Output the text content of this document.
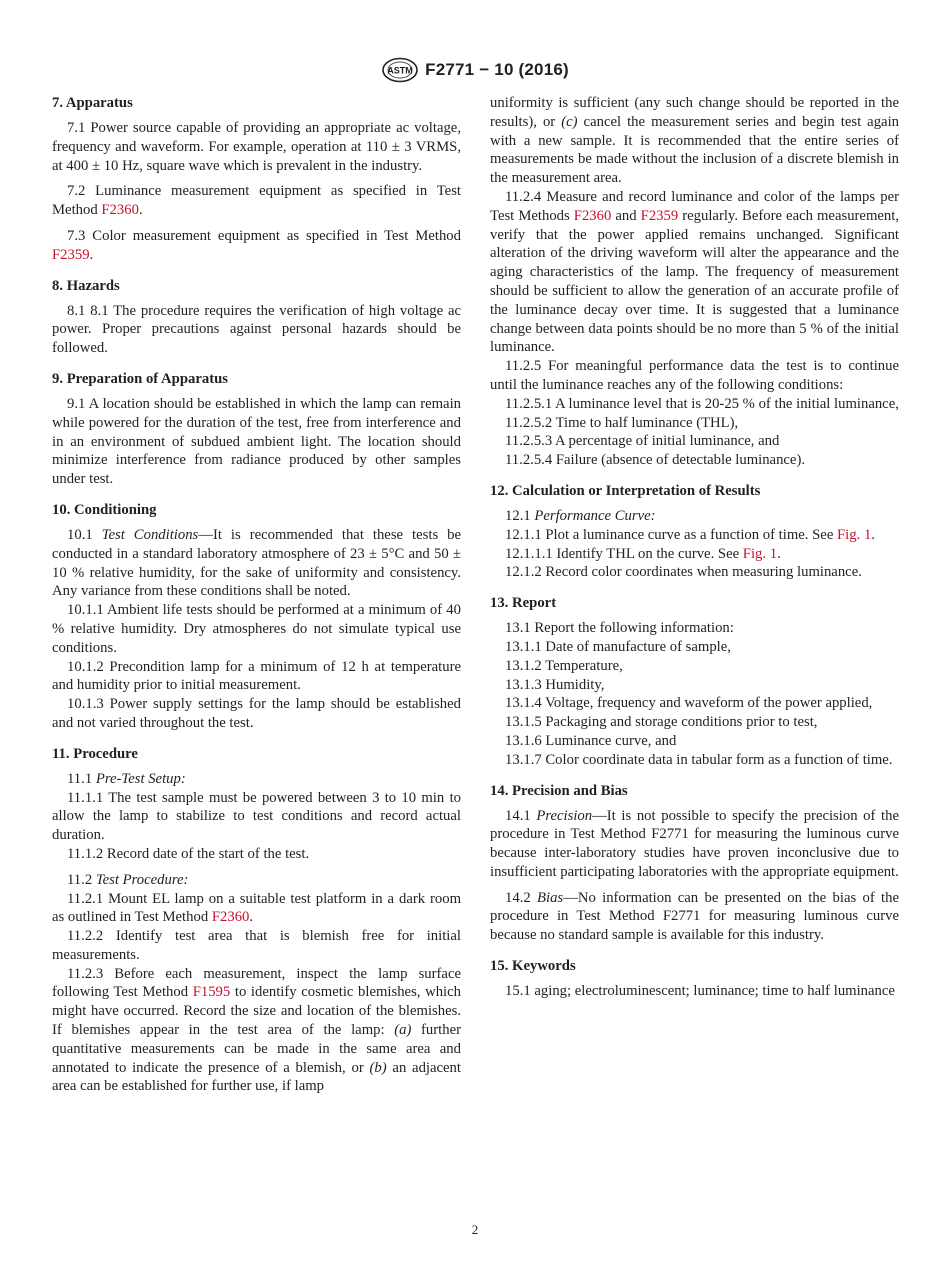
ASTM F2771 − 10 (2016)
7. Apparatus

7.1 Power source capable of providing an appropriate ac voltage, frequency and waveform. For example, operation at 110 ± 3 VRMS, at 400 ± 10 Hz, square wave which is prevalent in the industry.

7.2 Luminance measurement equipment as specified in Test Method F2360.

7.3 Color measurement equipment as specified in Test Method F2359.

8. Hazards

8.1 8.1 The procedure requires the verification of high voltage ac power. Proper precautions against personal hazards should be followed.

9. Preparation of Apparatus

9.1 A location should be established in which the lamp can remain while powered for the duration of the test, free from interference and in an environment of subdued ambient light. The location should minimize interference from radiance produced by other samples under test.

10. Conditioning

10.1 Test Conditions—It is recommended that these tests be conducted in a standard laboratory atmosphere of 23 ± 5°C and 50 ± 10 % relative humidity, for the sake of uniformity and consistency. Any variance from these conditions shall be noted.

10.1.1 Ambient life tests should be performed at a minimum of 40 % relative humidity. Dry atmospheres do not simulate typical use conditions.

10.1.2 Precondition lamp for a minimum of 12 h at temperature and humidity prior to initial measurement.

10.1.3 Power supply settings for the lamp should be established and not varied throughout the test.

11. Procedure

11.1 Pre-Test Setup:

11.1.1 The test sample must be powered between 3 to 10 min to allow the lamp to stabilize to test conditions and record actual duration.

11.1.2 Record date of the start of the test.

11.2 Test Procedure:

11.2.1 Mount EL lamp on a suitable test platform in a dark room as outlined in Test Method F2360.

11.2.2 Identify test area that is blemish free for initial measurements.

11.2.3 Before each measurement, inspect the lamp surface following Test Method F1595 to identify cosmetic blemishes, which might have occurred. Record the size and location of the blemishes. If blemishes appear in the test area of the lamp: (a) further quantitative measurements can be made in the same area and annotated to indicate the presence of a blemish, or (b) an adjacent area can be established for further use, if lamp

uniformity is sufficient (any such change should be reported in the results), or (c) cancel the measurement series and begin test again with a new sample. It is recommended that the entire series of measurements be made without the inclusion of a discrete blemish in the measurement area.

11.2.4 Measure and record luminance and color of the lamps per Test Methods F2360 and F2359 regularly. Before each measurement, verify that the power applied remains unchanged. Significant alteration of the driving waveform will alter the appearance and the aging characteristics of the lamp. The frequency of measurement should be sufficient to allow the generation of an accurate profile of the luminance decay over time. It is suggested that a luminance change between data points should be no more than 5 % of the initial luminance.

11.2.5 For meaningful performance data the test is to continue until the luminance reaches any of the following conditions:

11.2.5.1 A luminance level that is 20-25 % of the initial luminance,

11.2.5.2 Time to half luminance (THL),

11.2.5.3 A percentage of initial luminance, and

11.2.5.4 Failure (absence of detectable luminance).

12. Calculation or Interpretation of Results

12.1 Performance Curve:

12.1.1 Plot a luminance curve as a function of time. See Fig. 1.

12.1.1.1 Identify THL on the curve. See Fig. 1.

12.1.2 Record color coordinates when measuring luminance.

13. Report

13.1 Report the following information:

13.1.1 Date of manufacture of sample,

13.1.2 Temperature,

13.1.3 Humidity,

13.1.4 Voltage, frequency and waveform of the power applied,

13.1.5 Packaging and storage conditions prior to test,

13.1.6 Luminance curve, and

13.1.7 Color coordinate data in tabular form as a function of time.

14. Precision and Bias

14.1 Precision—It is not possible to specify the precision of the procedure in Test Method F2771 for measuring the luminous curve because inter-laboratory studies have proven inconclusive due to insufficient participating laboratories with the appropriate equipment.

14.2 Bias—No information can be presented on the bias of the procedure in Test Method F2771 for measuring luminous curve because no standard sample is available for this industry.

15. Keywords

15.1 aging; electroluminescent; luminance; time to half luminance

2
